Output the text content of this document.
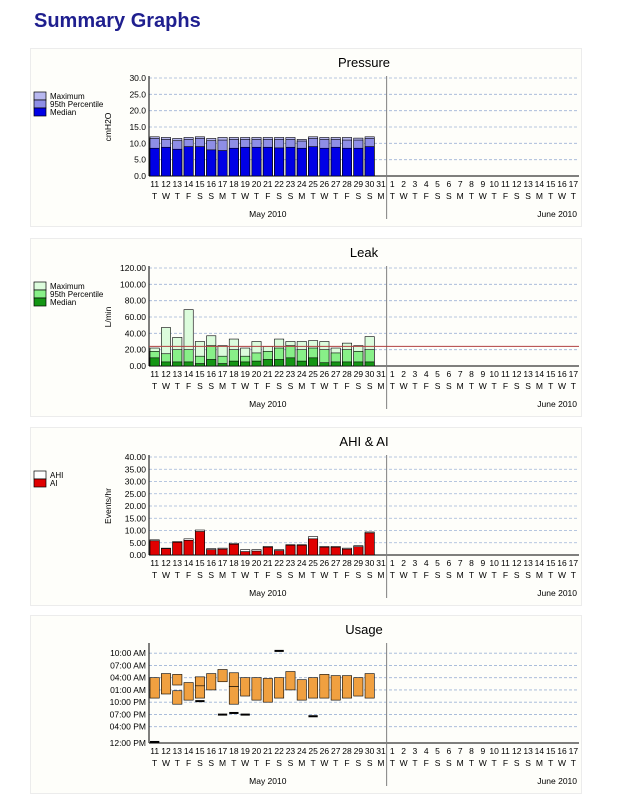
Summary Graphs
Pressure
0.0
5.0
10.0
15.0
20.0
25.0
30.0
cmH2O
11
T
12
W
13
T
14
F
15
S
16
S
17
M
18
T
19
W
20
T
21
F
22
S
23
S
24
M
25
T
26
W
27
T
28
F
29
S
30
S
31
M
1
T
2
W
3
T
4
F
5
S
6
S
7
M
8
T
9
W
10
T
11
F
12
S
13
S
14
M
15
T
16
W
17
T
May 2010	June 2010
Maximum
95th Percentile
Median
Leak
0.00
20.00
40.00
60.00
80.00
100.00
120.00
L/min
11
T
12
W
13
T
14
F
15
S
16
S
17
M
18
T
19
W
20
T
21
F
22
S
23
S
24
M
25
T
26
W
27
T
28
F
29
S
30
S
31
M
1
T
2
W
3
T
4
F
5
S
6
S
7
M
8
T
9
W
10
T
11
F
12
S
13
S
14
M
15
T
16
W
17
T
May 2010	June 2010
Maximum
95th Percentile
Median
AHI & AI
0.00
5.00
10.00
15.00
20.00
25.00
30.00
35.00
40.00
Events/hr
11
T
12
W
13
T
14
F
15
S
16
S
17
M
18
T
19
W
20
T
21
F
22
S
23
S
24
M
25
T
26
W
27
T
28
F
29
S
30
S
31
M
1
T
2
W
3
T
4
F
5
S
6
S
7
M
8
T
9
W
10
T
11
F
12
S
13
S
14
M
15
T
16
W
17
T
May 2010	June 2010
AHI
AI
Usage
12:00 PM
04:00 PM
07:00 PM
10:00 PM
01:00 AM
04:00 AM
07:00 AM
10:00 AM
11
T
12
W
13
T
14
F
15
S
16
S
17
M
18
T
19
W
20
T
21
F
22
S
23
S
24
M
25
T
26
W
27
T
28
F
29
S
30
S
31
M
1
T
2
W
3
T
4
F
5
S
6
S
7
M
8
T
9
W
10
T
11
F
12
S
13
S
14
M
15
T
16
W
17
T
May 2010	June 2010
